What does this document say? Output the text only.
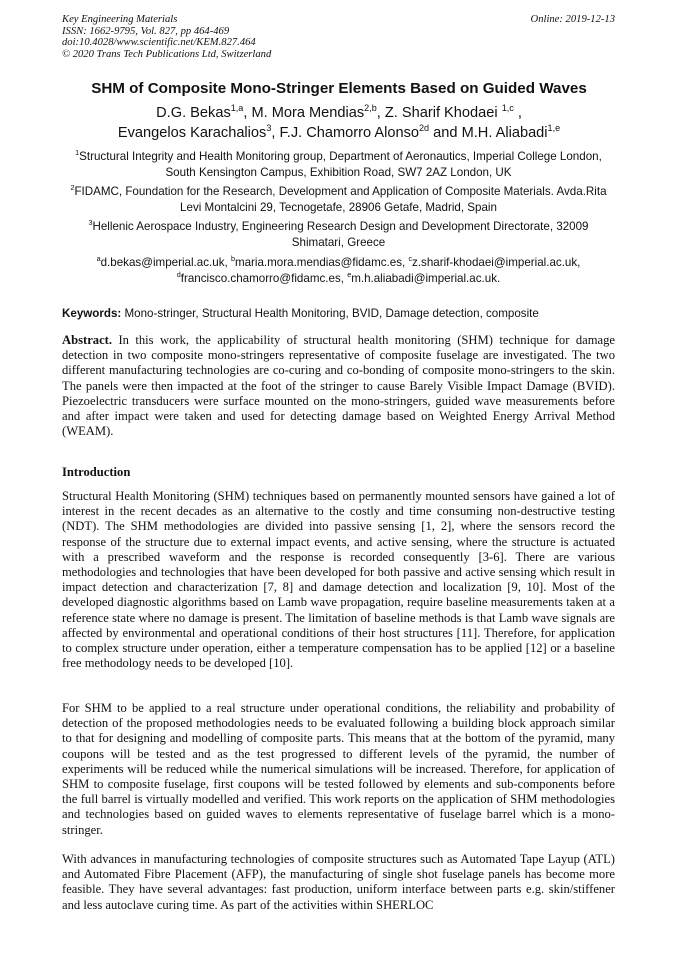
Key Engineering Materials
ISSN: 1662-9795, Vol. 827, pp 464-469
doi:10.4028/www.scientific.net/KEM.827.464
© 2020 Trans Tech Publications Ltd, Switzerland
Online: 2019-12-13
SHM of Composite Mono-Stringer Elements Based on Guided Waves
D.G. Bekas$^{1,a}$, M. Mora Mendias$^{2,b}$, Z. Sharif Khodaei $^{1,c}$ ,
Evangelos Karachalios$^3$, F.J. Chamorro Alonso$^{2d}$ and M.H. Aliabadi$^{1,e}$
$^1$Structural Integrity and Health Monitoring group, Department of Aeronautics, Imperial College London, South Kensington Campus, Exhibition Road, SW7 2AZ London, UK
$^2$FIDAMC, Foundation for the Research, Development and Application of Composite Materials. Avda.Rita Levi Montalcini 29, Tecnogetafe, 28906 Getafe, Madrid, Spain
$^3$Hellenic Aerospace Industry, Engineering Research Design and Development Directorate, 32009 Shimatari, Greece
$^a$d.bekas@imperial.ac.uk, $^b$maria.mora.mendias@fidamc.es, $^c$z.sharif-khodaei@imperial.ac.uk,
$^d$francisco.chamorro@fidamc.es, $^e$m.h.aliabadi@imperial.ac.uk.
Keywords: Mono-stringer, Structural Health Monitoring, BVID, Damage detection, composite
Abstract. In this work, the applicability of structural health monitoring (SHM) technique for damage detection in two composite mono-stringers representative of composite fuselage are investigated. The two different manufacturing technologies are co-curing and co-bonding of composite mono-stringers to the skin. The panels were then impacted at the foot of the stringer to cause Barely Visible Impact Damage (BVID). Piezoelectric transducers were surface mounted on the mono-stringers, guided wave measurements before and after impact were taken and used for detecting damage based on Weighted Energy Arrival Method (WEAM).
Introduction
Structural Health Monitoring (SHM) techniques based on permanently mounted sensors have gained a lot of interest in the recent decades as an alternative to the costly and time consuming non-destructive testing (NDT). The SHM methodologies are divided into passive sensing [1, 2], where the sensors record the response of the structure due to external impact events, and active sensing, where the structure is actuated with a prescribed waveform and the response is recorded consequently [3-6]. There are various methodologies and technologies that have been developed for both passive and active sensing which result in impact detection and characterization [7, 8] and damage detection and localization [9, 10]. Most of the developed diagnostic algorithms based on Lamb wave propagation, require baseline measurements taken at a reference state where no damage is present. The limitation of baseline methods is that Lamb wave signals are affected by environmental and operational conditions of their host structures [11]. Therefore, for application to complex structure under operation, either a temperature compensation has to be applied [12] or a baseline free methodology needs to be developed [10].
For SHM to be applied to a real structure under operational conditions, the reliability and probability of detection of the proposed methodologies needs to be evaluated following a building block approach similar to that for designing and modelling of composite parts. This means that at the bottom of the pyramid, many coupons will be tested and as the test progressed to different levels of the pyramid, the number of experiments will be reduced while the numerical simulations will be increased. Therefore, for application of SHM to composite fuselage, first coupons will be tested followed by elements and sub-components before the full barrel is virtually modelled and verified. This work reports on the application of SHM methodologies and technologies based on guided waves to elements representative of fuselage barrel which is a mono-stringer.
With advances in manufacturing technologies of composite structures such as Automated Tape Layup (ATL) and Automated Fibre Placement (AFP), the manufacturing of single shot fuselage panels has become more feasible. They have several advantages: fast production, uniform interface between parts e.g. skin/stiffener and less autoclave curing time. As part of the activities within SHERLOC
